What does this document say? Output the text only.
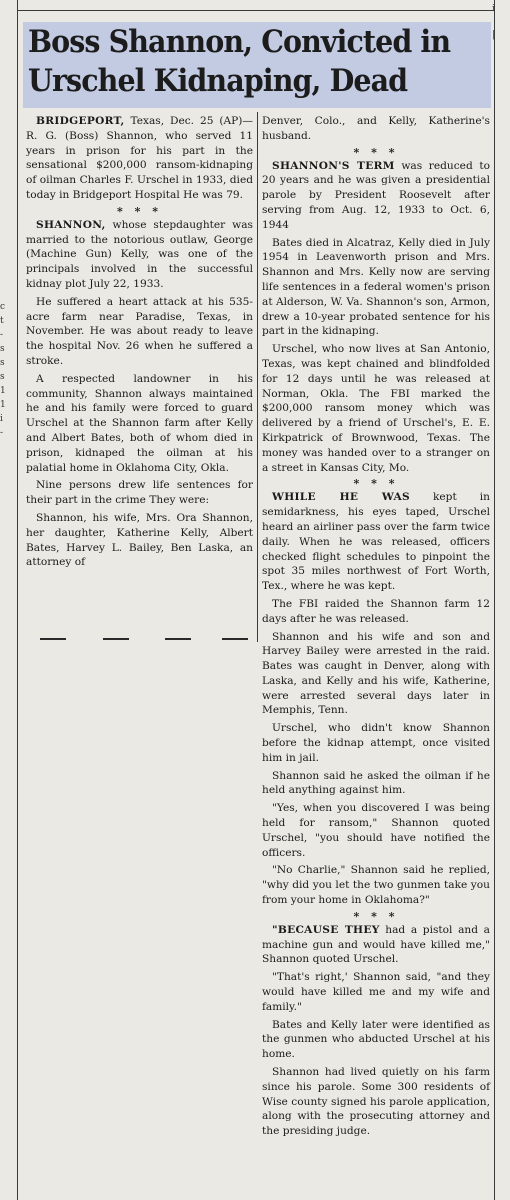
c
t
-
s
s
s
1
1
i
-
i
|
Boss Shannon, Convicted in
Urschel Kidnaping, Dead

BRIDGEPORT, Texas, Dec. 25 (AP)—R. G. (Boss) Shannon, who served 11 years in prison for his part in the sensational $200,000 ransom-kidnaping of oilman Charles F. Urschel in 1933, died today in Bridgeport Hospital He was 79.

* * *

SHANNON, whose stepdaughter was married to the notorious outlaw, George (Machine Gun) Kelly, was one of the principals involved in the successful kidnay plot July 22, 1933.

He suffered a heart attack at his 535-acre farm near Paradise, Texas, in November. He was about ready to leave the hospital Nov. 26 when he suffered a stroke.

A respected landowner in his community, Shannon always maintained he and his family were forced to guard Urschel at the Shannon farm after Kelly and Albert Bates, both of whom died in prison, kidnaped the oilman at his palatial home in Oklahoma City, Okla.

Nine persons drew life sentences for their part in the crime They were:

Shannon, his wife, Mrs. Ora Shannon, her daughter, Katherine Kelly, Albert Bates, Harvey L. Bailey, Ben Laska, an attorney of

Denver, Colo., and Kelly, Katherine's husband.

* * *

SHANNON'S TERM was reduced to 20 years and he was given a presidential parole by President Roosevelt after serving from Aug. 12, 1933 to Oct. 6, 1944

Bates died in Alcatraz, Kelly died in July 1954 in Leavenworth prison and Mrs. Shannon and Mrs. Kelly now are serving life sentences in a federal women's prison at Alderson, W. Va. Shannon's son, Armon, drew a 10-year probated sentence for his part in the kidnaping.

Urschel, who now lives at San Antonio, Texas, was kept chained and blindfolded for 12 days until he was released at Norman, Okla. The FBI marked the $200,000 ransom money which was delivered by a friend of Urschel's, E. E. Kirkpatrick of Brownwood, Texas. The money was handed over to a stranger on a street in Kansas City, Mo.

* * *

WHILE HE WAS kept in semidarkness, his eyes taped, Urschel heard an airliner pass over the farm twice daily. When he was released, officers checked flight schedules to pinpoint the spot 35 miles northwest of Fort Worth, Tex., where he was kept.

The FBI raided the Shannon farm 12 days after he was released.

Shannon and his wife and son and Harvey Bailey were arrested in the raid. Bates was caught in Denver, along with Laska, and Kelly and his wife, Katherine, were arrested several days later in Memphis, Tenn.

Urschel, who didn't know Shannon before the kidnap attempt, once visited him in jail.

Shannon said he asked the oilman if he held anything against him.

"Yes, when you discovered I was being held for ransom," Shannon quoted Urschel, "you should have notified the officers.

"No Charlie," Shannon said he replied, "why did you let the two gunmen take you from your home in Oklahoma?"

* * *

"BECAUSE THEY had a pistol and a machine gun and would have killed me," Shannon quoted Urschel.

"That's right,' Shannon said, "and they would have killed me and my wife and family."

Bates and Kelly later were identified as the gunmen who abducted Urschel at his home.

Shannon had lived quietly on his farm since his parole. Some 300 residents of Wise county signed his parole application, along with the prosecuting attorney and the presiding judge.
